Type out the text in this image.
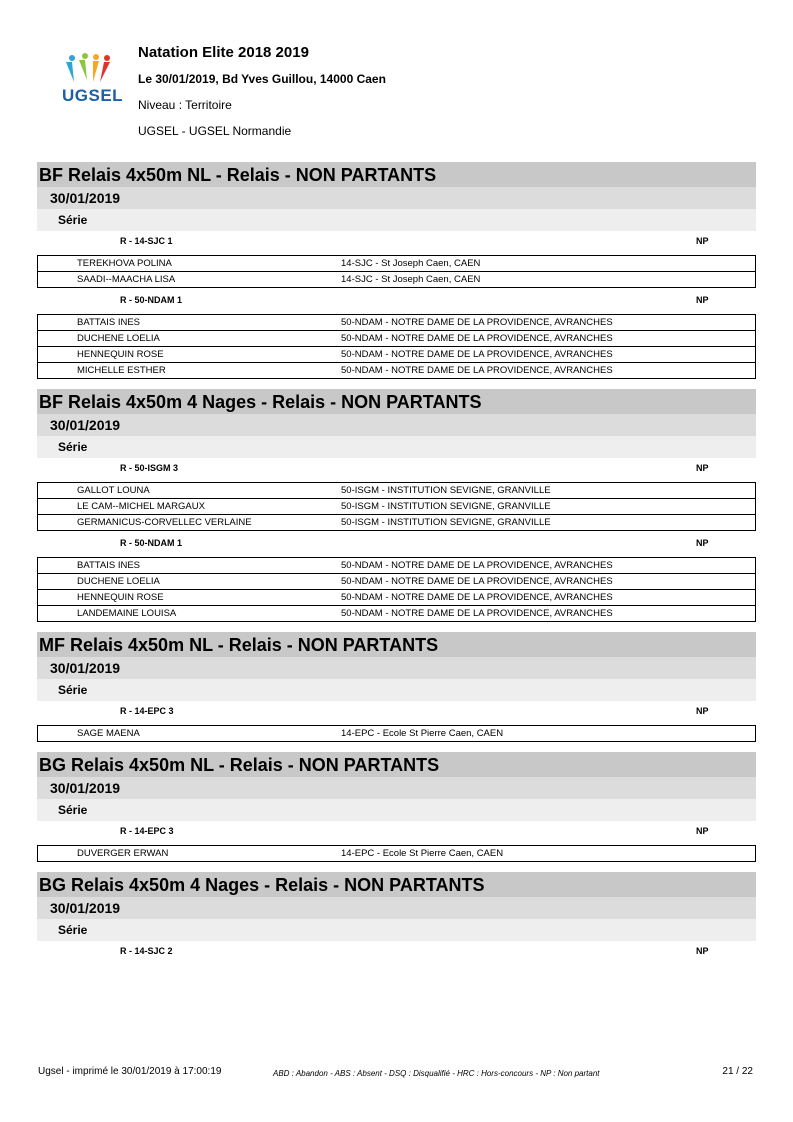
UGSEL
Natation Elite 2018 2019
Le 30/01/2019, Bd Yves Guillou, 14000 Caen
Niveau : Territoire
UGSEL - UGSEL Normandie
BF Relais 4x50m NL - Relais - NON PARTANTS
30/01/2019
Série
R - 14-SJC 1	NP
TEREKHOVA POLINA	14-SJC - St Joseph Caen, CAEN
SAADI--MAACHA LISA	14-SJC - St Joseph Caen, CAEN
R - 50-NDAM 1	NP
BATTAIS INES	50-NDAM - NOTRE DAME DE LA PROVIDENCE, AVRANCHES
DUCHENE LOELIA	50-NDAM - NOTRE DAME DE LA PROVIDENCE, AVRANCHES
HENNEQUIN ROSE	50-NDAM - NOTRE DAME DE LA PROVIDENCE, AVRANCHES
MICHELLE ESTHER	50-NDAM - NOTRE DAME DE LA PROVIDENCE, AVRANCHES
BF Relais 4x50m 4 Nages - Relais - NON PARTANTS
30/01/2019
Série
R - 50-ISGM 3	NP
GALLOT LOUNA	50-ISGM - INSTITUTION SEVIGNE, GRANVILLE
LE CAM--MICHEL MARGAUX	50-ISGM - INSTITUTION SEVIGNE, GRANVILLE
GERMANICUS-CORVELLEC VERLAINE	50-ISGM - INSTITUTION SEVIGNE, GRANVILLE
R - 50-NDAM 1	NP
BATTAIS INES	50-NDAM - NOTRE DAME DE LA PROVIDENCE, AVRANCHES
DUCHENE LOELIA	50-NDAM - NOTRE DAME DE LA PROVIDENCE, AVRANCHES
HENNEQUIN ROSE	50-NDAM - NOTRE DAME DE LA PROVIDENCE, AVRANCHES
LANDEMAINE LOUISA	50-NDAM - NOTRE DAME DE LA PROVIDENCE, AVRANCHES
MF Relais 4x50m NL - Relais - NON PARTANTS
30/01/2019
Série
R - 14-EPC 3	NP
SAGE MAENA	14-EPC - Ecole St Pierre Caen, CAEN
BG Relais 4x50m NL - Relais - NON PARTANTS
30/01/2019
Série
R - 14-EPC 3	NP
DUVERGER ERWAN	14-EPC - Ecole St Pierre Caen, CAEN
BG Relais 4x50m 4 Nages - Relais - NON PARTANTS
30/01/2019
Série
R - 14-SJC 2	NP
Ugsel - imprimé le 30/01/2019 à 17:00:19	ABD : Abandon - ABS : Absent - DSQ : Disqualifié - HRC : Hors-concours - NP : Non partant	21 / 22
